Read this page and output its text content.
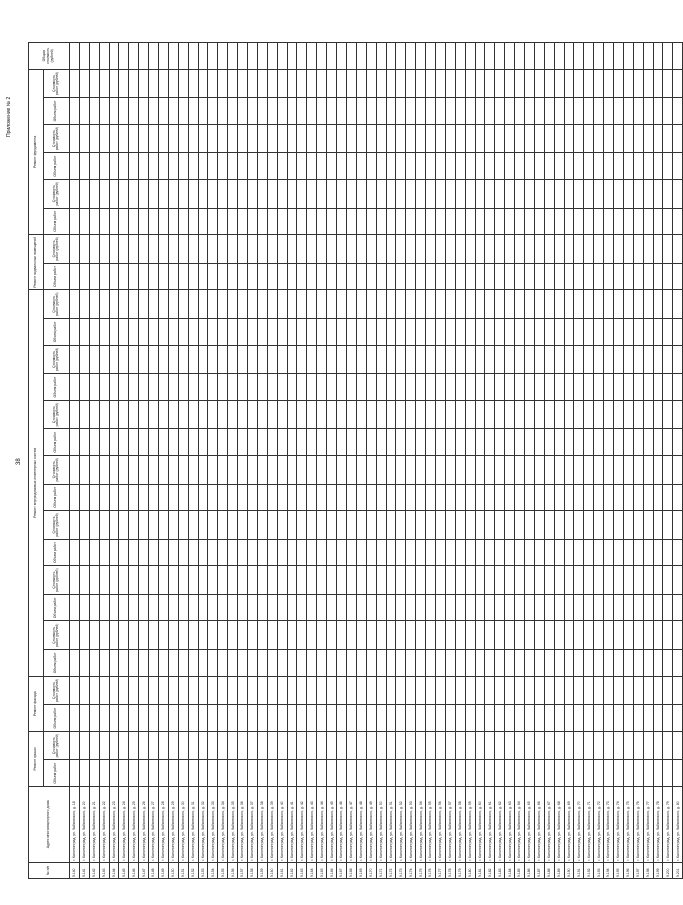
Приложение № 2
38
№ п/п	Адрес многоквартирного дома	Ремонт крыши		Ремонт фасада		Ремонт внутридомовых инженерных систем														Ремонт подвальных помещений		Ремонт фундамента						Общая стоимость (рублей)
		Объем работ	Стоимость работ (рублей)	Объем работ	Стоимость работ (рублей)	Объем работ	Стоимость работ (рублей)	Объем работ	Стоимость работ (рублей)	Объем работ	Стоимость работ (рублей)	Объем работ	Стоимость работ (рублей)	Объем работ	Стоимость работ (рублей)	Объем работ	Стоимость работ (рублей)	Объем работ	Стоимость работ (рублей)	Объем работ	Стоимость работ (рублей)	Объем работ	Стоимость работ (рублей)	Объем работ	Стоимость работ (рублей)	Объем работ	Стоимость работ (рублей)	
9.140	г. Калининград, ул. Чайковского, д. 18																											
9.141	г. Калининград, ул. Чайковского, д. 20																											
9.142	г. Калининград, ул. Чайковского, д. 21																											
9.143	г. Калининград, ул. Чайковского, д. 22																											
9.144	г. Калининград, ул. Чайковского, д. 23																											
9.145	г. Калининград, ул. Чайковского, д. 24																											
9.146	г. Калининград, ул. Чайковского, д. 25																											
9.147	г. Калининград, ул. Чайковского, д. 26																											
9.148	г. Калининград, ул. Чайковского, д. 27																											
9.149	г. Калининград, ул. Чайковского, д. 28																											
9.150	г. Калининград, ул. Чайковского, д. 29																											
9.151	г. Калининград, ул. Чайковского, д. 30																											
9.152	г. Калининград, ул. Чайковского, д. 31																											
9.153	г. Калининград, ул. Чайковского, д. 32																											
9.154	г. Калининград, ул. Чайковского, д. 33																											
9.155	г. Калининград, ул. Чайковского, д. 34																											
9.156	г. Калининград, ул. Чайковского, д. 35																											
9.157	г. Калининград, ул. Чайковского, д. 36																											
9.158	г. Калининград, ул. Чайковского, д. 37																											
9.159	г. Калининград, ул. Чайковского, д. 38																											
9.160	г. Калининград, ул. Чайковского, д. 39																											
9.161	г. Калининград, ул. Чайковского, д. 40																											
9.162	г. Калининград, ул. Чайковского, д. 41																											
9.163	г. Калининград, ул. Чайковского, д. 42																											
9.164	г. Калининград, ул. Чайковского, д. 43																											
9.165	г. Калининград, ул. Чайковского, д. 44																											
9.166	г. Калининград, ул. Чайковского, д. 45																											
9.167	г. Калининград, ул. Чайковского, д. 46																											
9.168	г. Калининград, ул. Чайковского, д. 47																											
9.169	г. Калининград, ул. Чайковского, д. 48																											
9.170	г. Калининград, ул. Чайковского, д. 49																											
9.171	г. Калининград, ул. Чайковского, д. 50																											
9.172	г. Калининград, ул. Чайковского, д. 51																											
9.173	г. Калининград, ул. Чайковского, д. 52																											
9.174	г. Калининград, ул. Чайковского, д. 53																											
9.175	г. Калининград, ул. Чайковского, д. 54																											
9.176	г. Калининград, ул. Чайковского, д. 55																											
9.177	г. Калининград, ул. Чайковского, д. 56																											
9.178	г. Калининград, ул. Чайковского, д. 57																											
9.179	г. Калининград, ул. Чайковского, д. 58																											
9.180	г. Калининград, ул. Чайковского, д. 59																											
9.181	г. Калининград, ул. Чайковского, д. 60																											
9.182	г. Калининград, ул. Чайковского, д. 61																											
9.183	г. Калининград, ул. Чайковского, д. 62																											
9.184	г. Калининград, ул. Чайковского, д. 63																											
9.185	г. Калининград, ул. Чайковского, д. 64																											
9.186	г. Калининград, ул. Чайковского, д. 65																											
9.187	г. Калининград, ул. Чайковского, д. 66																											
9.188	г. Калининград, ул. Чайковского, д. 67																											
9.189	г. Калининград, ул. Чайковского, д. 68																											
9.190	г. Калининград, ул. Чайковского, д. 69																											
9.191	г. Калининград, ул. Чайковского, д. 70																											
9.192	г. Калининград, ул. Чайковского, д. 71																											
9.193	г. Калининград, ул. Чайковского, д. 72																											
9.194	г. Калининград, ул. Чайковского, д. 73																											
9.195	г. Калининград, ул. Чайковского, д. 74																											
9.196	г. Калининград, ул. Чайковского, д. 75																											
9.197	г. Калининград, ул. Чайковского, д. 76																											
9.198	г. Калининград, ул. Чайковского, д. 77																											
9.199	г. Калининград, ул. Чайковского, д. 78																											
9.200	г. Калининград, ул. Чайковского, д. 79																											
9.201	г. Калининград, ул. Чайковского, д. 80																											
